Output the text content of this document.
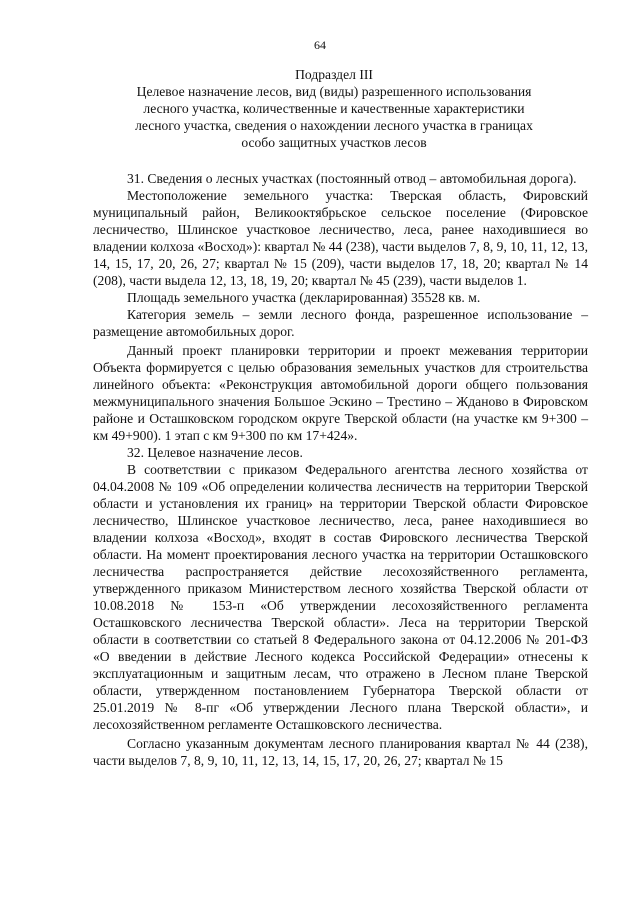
64
Подраздел III
Целевое назначение лесов, вид (виды) разрешенного использования
лесного участка, количественные и качественные характеристики
лесного участка, сведения о нахождении лесного участка в границах
особо защитных участков лесов

31. Сведения о лесных участках (постоянный отвод – автомобильная дорога).

Местоположение земельного участка: Тверская область, Фировский муниципальный район, Великооктябрьское сельское поселение (Фировское лесничество, Шлинское участковое лесничество, леса, ранее находившиеся во владении колхоза «Восход»): квартал № 44 (238), части выделов 7, 8, 9, 10, 11, 12, 13, 14, 15, 17, 20, 26, 27; квартал № 15 (209), части выделов 17, 18, 20; квартал № 14 (208), части выдела 12, 13, 18, 19, 20; квартал № 45 (239), части выделов 1.

Площадь земельного участка (декларированная) 35528 кв. м.

Категория земель – земли лесного фонда, разрешенное использование – размещение автомобильных дорог.

Данный проект планировки территории и проект межевания территории Объекта формируется с целью образования земельных участков для строительства линейного объекта: «Реконструкция автомобильной дороги общего пользования межмуниципального значения Большое Эскино – Трестино – Жданово в Фировском районе и Осташковском городском округе Тверской области (на участке км 9+300 – км 49+900). 1 этап с км 9+300 по км 17+424».

32. Целевое назначение лесов.

В соответствии с приказом Федерального агентства лесного хозяйства от 04.04.2008 № 109 «Об определении количества лесничеств на территории Тверской области и установления их границ» на территории Тверской области Фировское лесничество, Шлинское участковое лесничество, леса, ранее находившиеся во владении колхоза «Восход», входят в состав Фировского лесничества Тверской области. На момент проектирования лесного участка на территории Осташковского лесничества распространяется действие лесохозяйственного регламента, утвержденного приказом Министерством лесного хозяйства Тверской области от 10.08.2018 № 153-п «Об утверждении лесохозяйственного регламента Осташковского лесничества Тверской области». Леса на территории Тверской области в соответствии со статьей 8 Федерального закона от 04.12.2006 № 201-ФЗ «О введении в действие Лесного кодекса Российской Федерации» отнесены к эксплуатационным и защитным лесам, что отражено в Лесном плане Тверской области, утвержденном постановлением Губернатора Тверской области от 25.01.2019 № 8-пг «Об утверждении Лесного плана Тверской области», и лесохозяйственном регламенте Осташковского лесничества.

Согласно указанным документам лесного планирования квартал № 44 (238), части выделов 7, 8, 9, 10, 11, 12, 13, 14, 15, 17, 20, 26, 27; квартал № 15
